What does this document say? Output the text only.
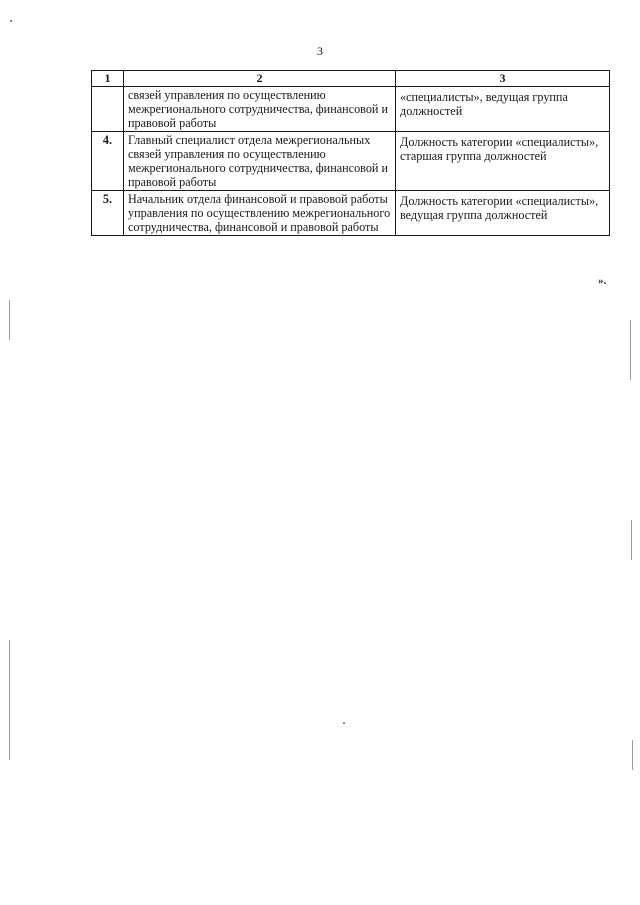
3
1	2	3
	связей управления по осуществлению межрегионального сотрудничества, финансовой и правовой работы	«специалисты», ведущая группа должностей
4.	Главный специалист отдела межрегиональных связей управления по осуществлению межрегионального сотрудничества, финансовой и правовой работы	Должность категории «специалисты», старшая группа должностей
5.	Начальник отдела финансовой и правовой работы управления по осуществлению межрегионального сотрудничества, финансовой и правовой работы	Должность категории «специалисты», ведущая группа должностей
».
